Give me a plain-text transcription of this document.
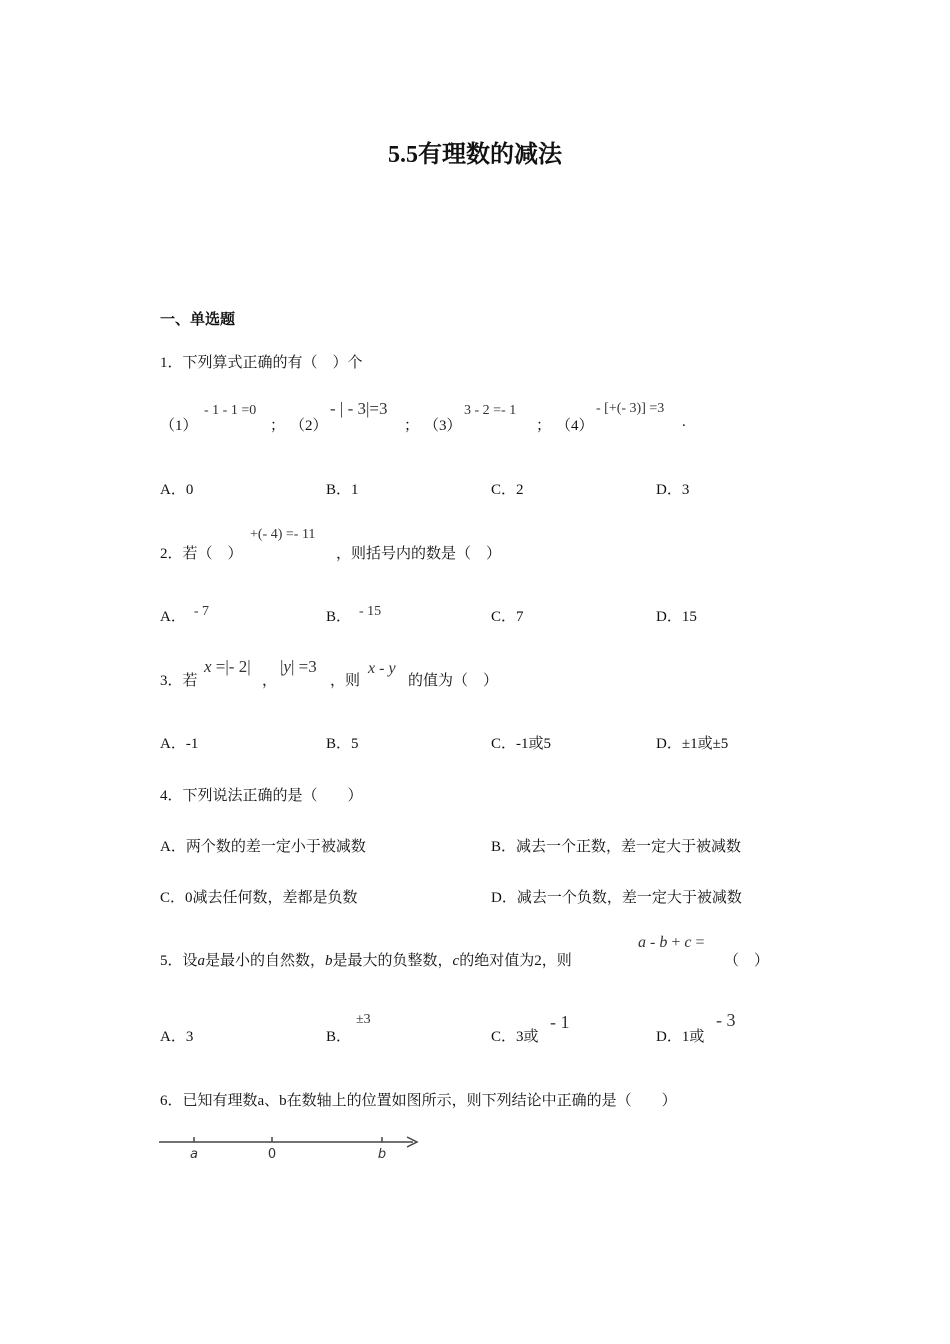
5.5有理数的减法
一、单选题
1．下列算式正确的有（　）个
（1）
- 1 - 1 =0
； （2）
- | - 3|=3
； （3）
3 - 2 =- 1
； （4）
- [+(- 3)] =3
.
A．0	B．1	C．2	D．3
2．若（　）
+(- 4) =- 11
，则括号内的数是（　）
A． - 7	B． - 15	C．7	D．15
3．若
x =|- 2|
，
|y| =3
，则
x - y
的值为（　）
A．-1	B．5	C．-1或5	D．±1或±5
4．下列说法正确的是（　　）
A．两个数的差一定小于被减数	B．减去一个正数，差一定大于被减数
C．0减去任何数，差都是负数	D．减去一个负数，差一定大于被减数
5．设a是最小的自然数，b是最大的负整数，c的绝对值为2，则
a - b + c =
（　）
A．3	B．
±3
C．3或
- 1
D．1或
- 3
6．已知有理数a、b在数轴上的位置如图所示，则下列结论中正确的是（　　）
a	0	b
